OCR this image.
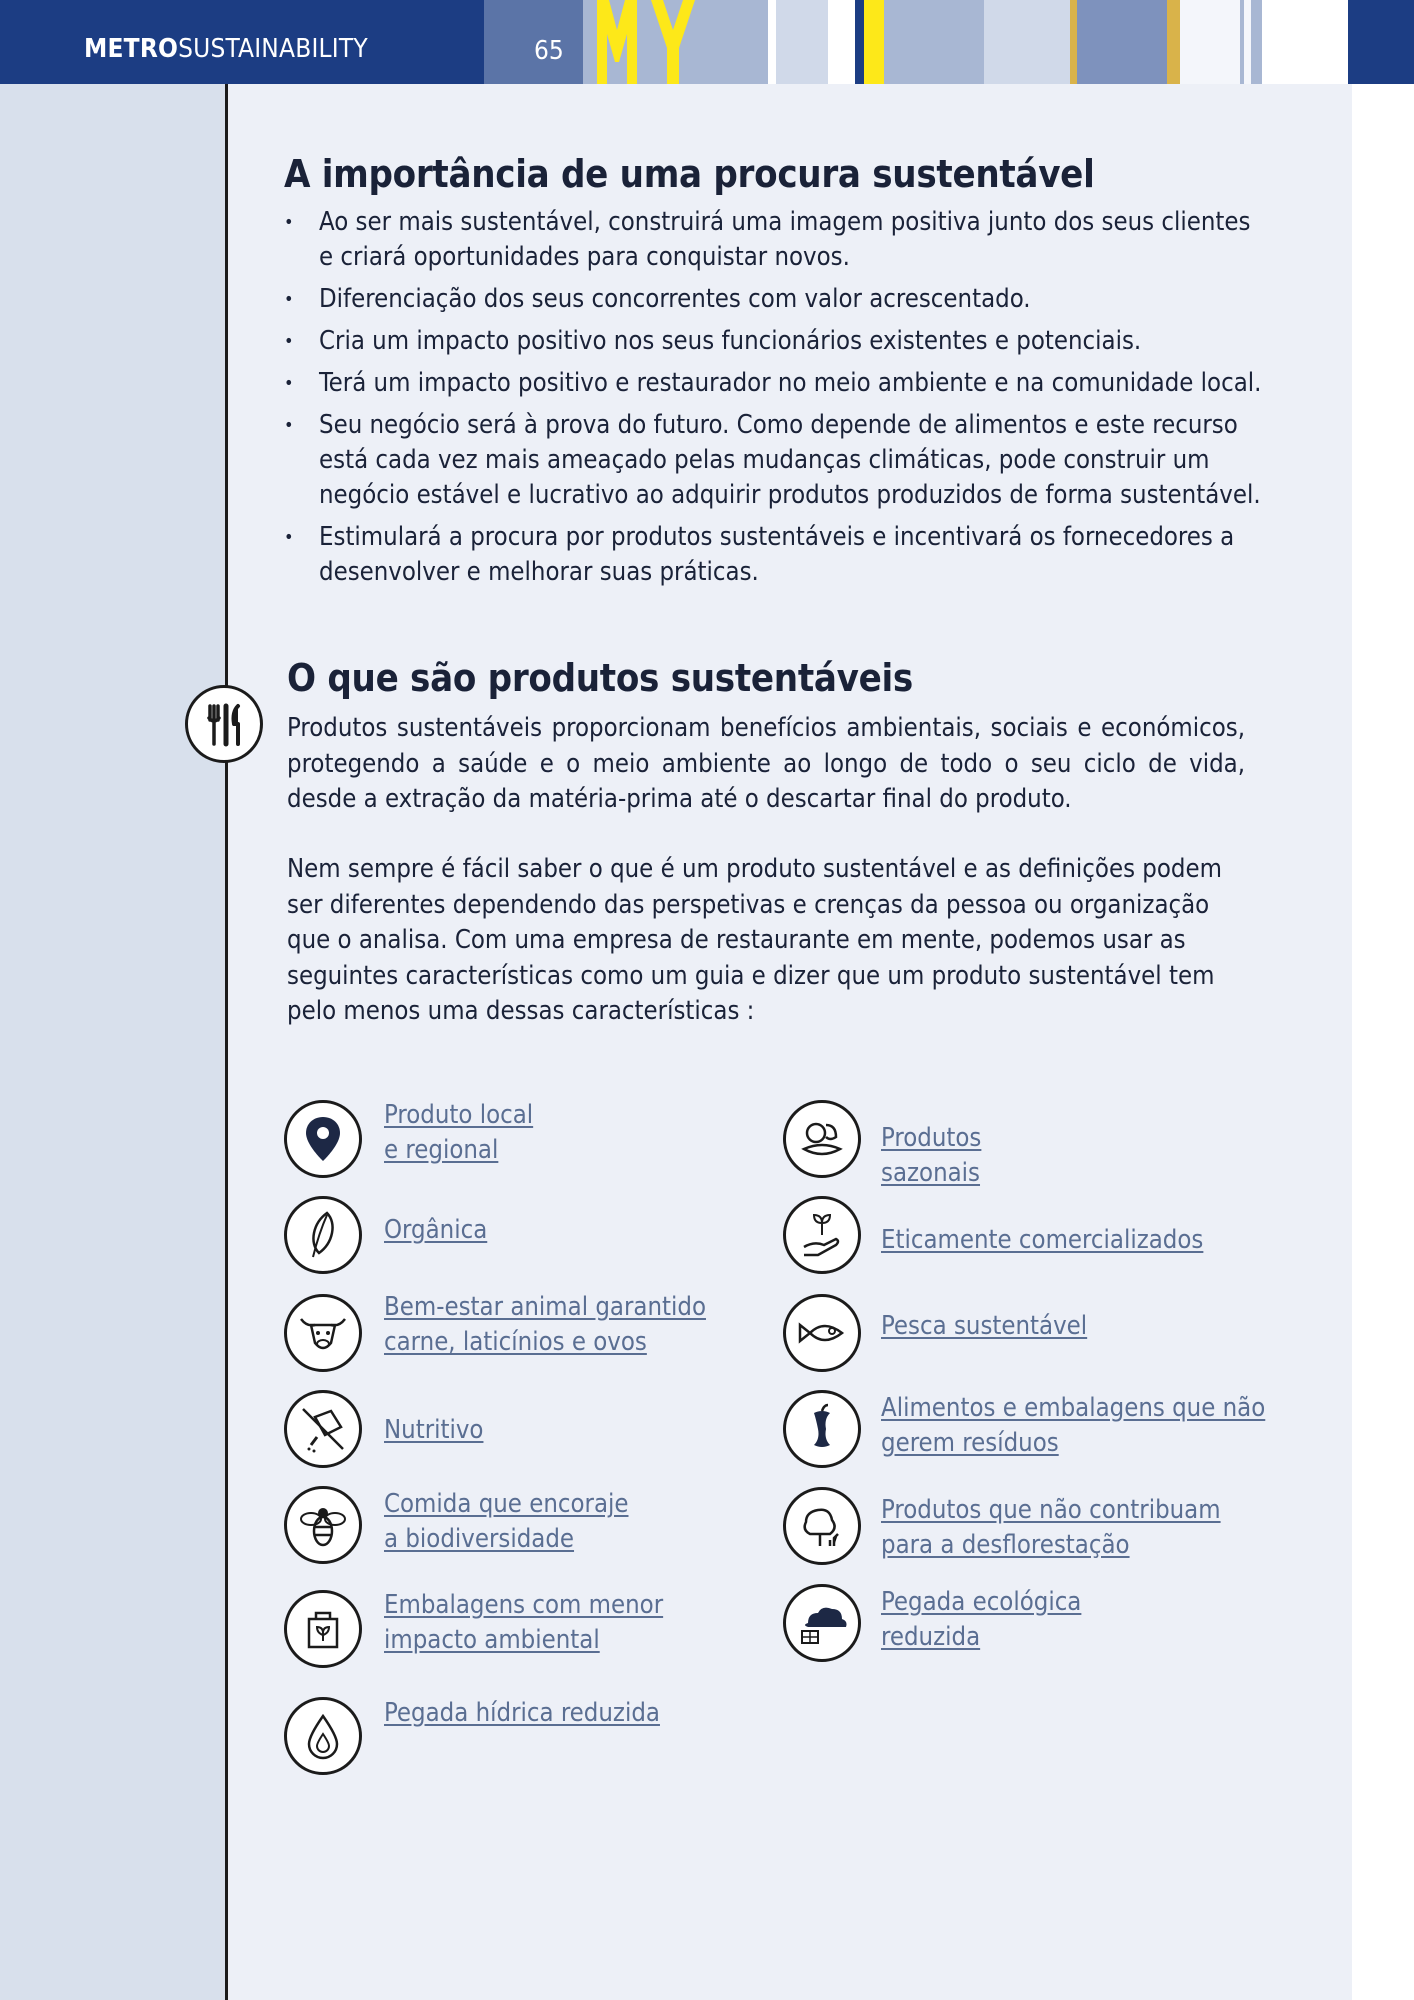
METROSUSTAINABILITY	65
A importância de uma procura sustentável
• Ao ser mais sustentável, construirá uma imagem positiva junto dos seus clientes e criará oportunidades para conquistar novos.
• Diferenciação dos seus concorrentes com valor acrescentado.
• Cria um impacto positivo nos seus funcionários existentes e potenciais.
• Terá um impacto positivo e restaurador no meio ambiente e na comunidade local.
• Seu negócio será à prova do futuro. Como depende de alimentos e este recurso está cada vez mais ameaçado pelas mudanças climáticas, pode construir um negócio estável e lucrativo ao adquirir produtos produzidos de forma sustentável.
• Estimulará a procura por produtos sustentáveis e incentivará os fornecedores a desenvolver e melhorar suas práticas.
O que são produtos sustentáveis

Produtos sustentáveis proporcionam benefícios ambientais, sociais e económicos, protegendo a saúde e o meio ambiente ao longo de todo o seu ciclo de vida, desde a extração da matéria-prima até o descartar final do produto.

Nem sempre é fácil saber o que é um produto sustentável e as definições podem ser diferentes dependendo das perspetivas e crenças da pessoa ou organização que o analisa. Com uma empresa de restaurante em mente, podemos usar as seguintes características como um guia e dizer que um produto sustentável tem pelo menos uma dessas características :

Produto local
e regional
Orgânica
Bem-estar animal garantido
carne, laticínios e ovos
Nutritivo
Comida que encoraje
a biodiversidade
Embalagens com menor
impacto ambiental
Pegada hídrica reduzida
Produtos
sazonais
Eticamente comercializados
Pesca sustentável
Alimentos e embalagens que não
gerem resíduos
Produtos que não contribuam
para a desflorestação
Pegada ecológica
reduzida
